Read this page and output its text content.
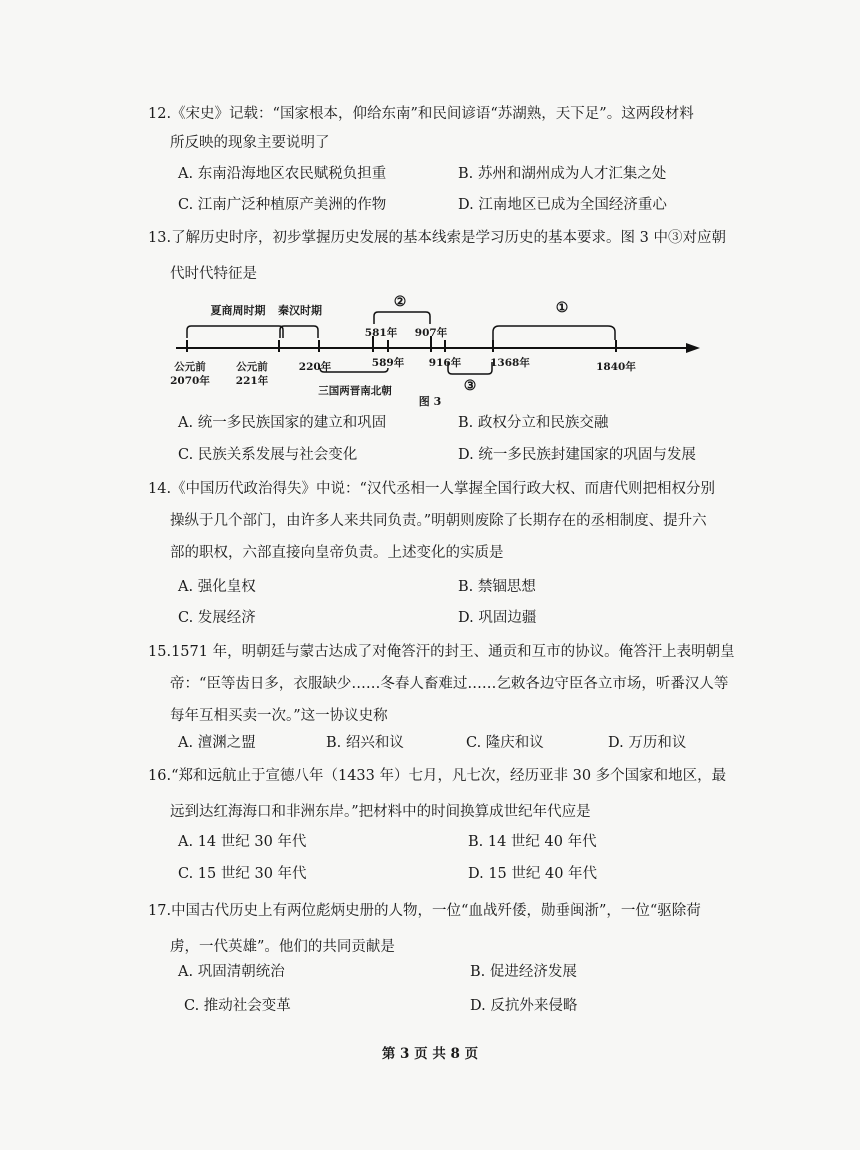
12.《宋史》记载：“国家根本，仰给东南”和民间谚语“苏湖熟，天下足”。这两段材料
所反映的现象主要说明了
A. 东南沿海地区农民赋税负担重	B. 苏州和湖州成为人才汇集之处
C. 江南广泛种植原产美洲的作物	D. 江南地区已成为全国经济重心
13.了解历史时序，初步掌握历史发展的基本线索是学习历史的基本要求。图 3 中③对应朝
代时代特征是
夏商周时期 秦汉时期
②	①
三国两晋南北朝	③
图 3
公元前
2070年
公元前
221年
220年	589年
581年 907年
916年	1368年	1840年
A. 统一多民族国家的建立和巩固	B. 政权分立和民族交融
C. 民族关系发展与社会变化	D. 统一多民族封建国家的巩固与发展
14.《中国历代政治得失》中说：“汉代丞相一人掌握全国行政大权、而唐代则把相权分别
操纵于几个部门，由许多人来共同负责。”明朝则废除了长期存在的丞相制度、提升六
部的职权，六部直接向皇帝负责。上述变化的实质是
A. 强化皇权	B. 禁锢思想
C. 发展经济	D. 巩固边疆
15.1571 年，明朝廷与蒙古达成了对俺答汗的封王、通贡和互市的协议。俺答汗上表明朝皇
帝：“臣等齿日多，衣服缺少……冬春人畜难过……乞敕各边守臣各立市场，听番汉人等
每年互相买卖一次。”这一协议史称
A. 澶渊之盟	B. 绍兴和议	C. 隆庆和议	D. 万历和议
16.“郑和远航止于宣德八年（1433 年）七月，凡七次，经历亚非 30 多个国家和地区，最
远到达红海海口和非洲东岸。”把材料中的时间换算成世纪年代应是
A. 14 世纪 30 年代	B. 14 世纪 40 年代
C. 15 世纪 30 年代	D. 15 世纪 40 年代
17.中国古代历史上有两位彪炳史册的人物，一位“血战歼倭，勋垂闽浙”，一位“驱除荷
虏，一代英雄”。他们的共同贡献是
A. 巩固清朝统治	B. 促进经济发展
C. 推动社会变革	D. 反抗外来侵略
第 3 页 共 8 页
